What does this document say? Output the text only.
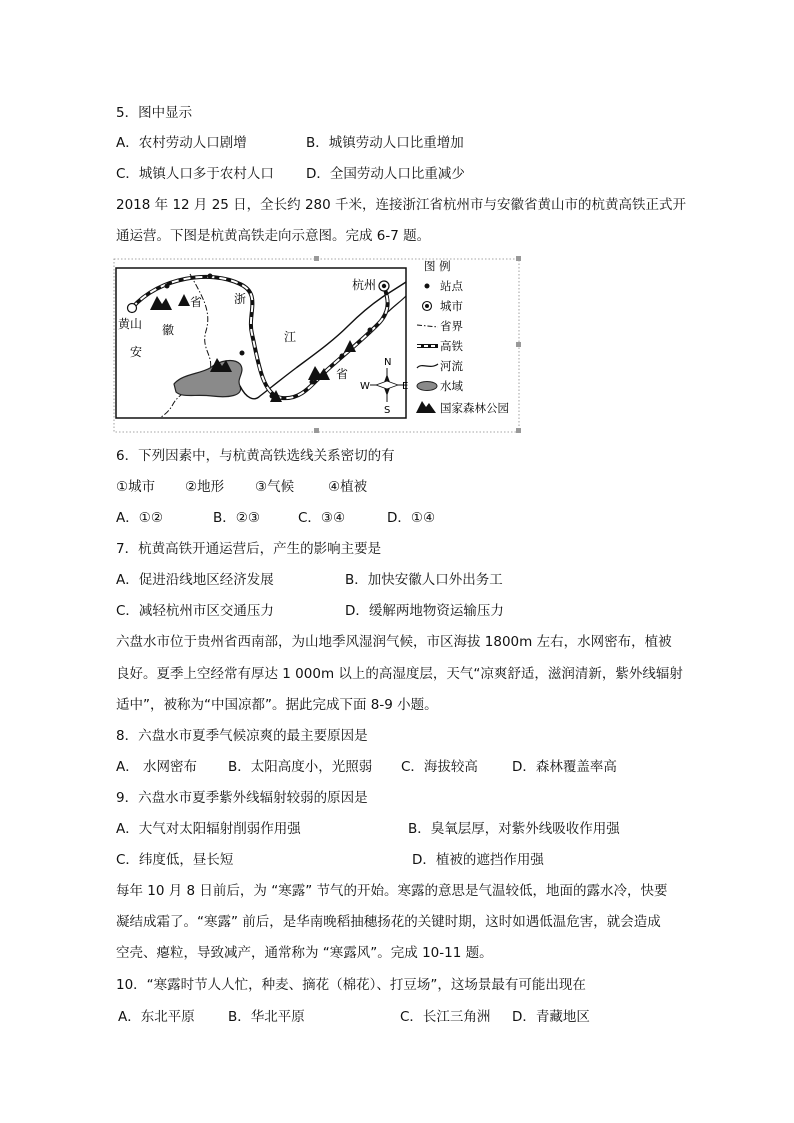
5．图中显示
A．农村劳动人口剧增	B．城镇劳动人口比重增加
C．城镇人口多于农村人口 D．全国劳动人口比重减少
2018 年 12 月 25 日，全长约 280 千米，连接浙江省杭州市与安徽省黄山市的杭黄高铁正式开
通运营。下图是杭黄高铁走向示意图。完成 6-7 题。
杭州
黄山 徽
省
安
浙
江
省
N
S
W	E
图 例
站点
城市
省界
高铁
河流
水域
国家森林公园
6．下列因素中，与杭黄高铁选线关系密切的有
①城市 ②地形 ③气候	④植被
A．①②	B．②③	C．③④	D．①④
7．杭黄高铁开通运营后，产生的影响主要是
A．促进沿线地区经济发展	B．加快安徽人口外出务工
C．减轻杭州市区交通压力	D．缓解两地物资运输压力
六盘水市位于贵州省西南部，为山地季风湿润气候，市区海拔 1800m 左右，水网密布，植被
良好。夏季上空经常有厚达 1 000m 以上的高湿度层，天气“凉爽舒适，滋润清新，紫外线辐射
适中”，被称为“中国凉都”。据此完成下面 8-9 小题。
8．六盘水市夏季气候凉爽的最主要原因是
A． 水网密布 B．太阳高度小，光照弱 C．海拔较高	D．森林覆盖率高
9．六盘水市夏季紫外线辐射较弱的原因是
A．大气对太阳辐射削弱作用强	B．臭氧层厚，对紫外线吸收作用强
C．纬度低，昼长短	D．植被的遮挡作用强
每年 10 月 8 日前后，为 “寒露” 节气的开始。寒露的意思是气温较低，地面的露水冷，快要
凝结成霜了。“寒露” 前后，是华南晚稻抽穗扬花的关键时期，这时如遇低温危害，就会造成
空壳、瘪粒，导致减产，通常称为 “寒露风”。完成 10-11 题。
10．“寒露时节人人忙，种麦、摘花（棉花）、打豆场”，这场景最有可能出现在
A．东北平原 B．华北平原	C．长江三角洲 D．青藏地区
